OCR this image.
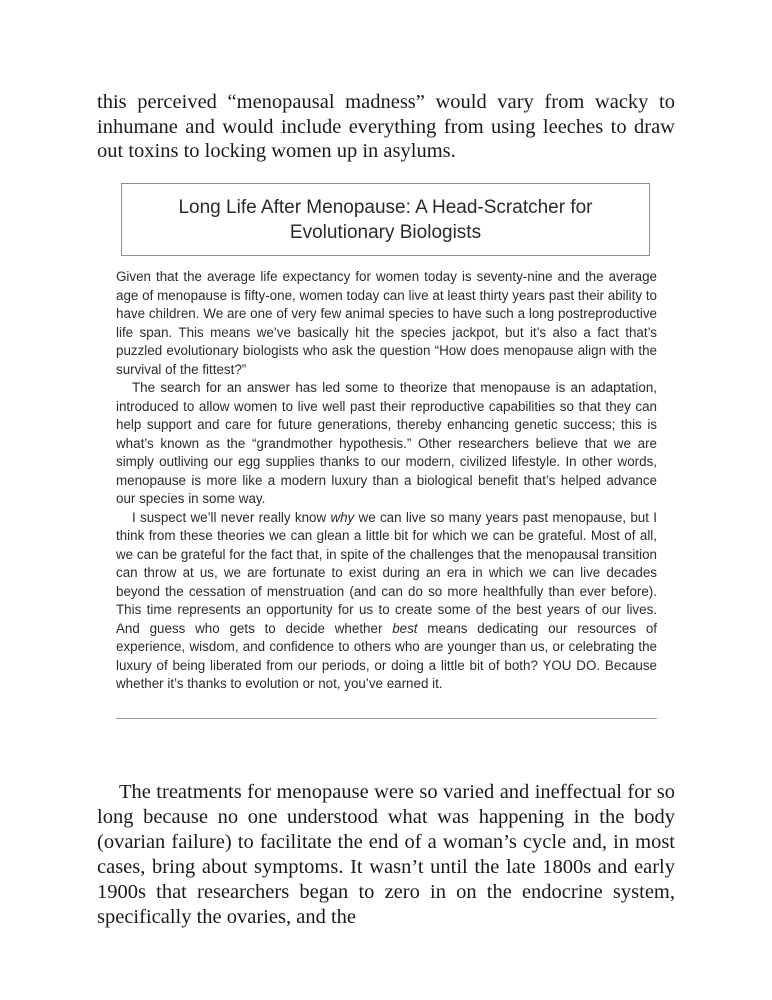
this perceived “menopausal madness” would vary from wacky to inhumane and would include everything from using leeches to draw out toxins to locking women up in asylums.

Long Life After Menopause: A Head-Scratcher for Evolutionary Biologists

Given that the average life expectancy for women today is seventy-nine and the average age of menopause is fifty-one, women today can live at least thirty years past their ability to have children. We are one of very few animal species to have such a long postreproductive life span. This means we’ve basically hit the species jackpot, but it’s also a fact that’s puzzled evolutionary biologists who ask the question “How does menopause align with the survival of the fittest?”

The search for an answer has led some to theorize that menopause is an adaptation, introduced to allow women to live well past their reproductive capabilities so that they can help support and care for future generations, thereby enhancing genetic success; this is what’s known as the “grandmother hypothesis.” Other researchers believe that we are simply outliving our egg supplies thanks to our modern, civilized lifestyle. In other words, menopause is more like a modern luxury than a biological benefit that’s helped advance our species in some way.

I suspect we’ll never really know why we can live so many years past menopause, but I think from these theories we can glean a little bit for which we can be grateful. Most of all, we can be grateful for the fact that, in spite of the challenges that the menopausal transition can throw at us, we are fortunate to exist during an era in which we can live decades beyond the cessation of menstruation (and can do so more healthfully than ever before). This time represents an opportunity for us to create some of the best years of our lives. And guess who gets to decide whether best means dedicating our resources of experience, wisdom, and confidence to others who are younger than us, or celebrating the luxury of being liberated from our periods, or doing a little bit of both? YOU DO. Because whether it’s thanks to evolution or not, you’ve earned it.

The treatments for menopause were so varied and ineffectual for so long because no one understood what was happening in the body (ovarian failure) to facilitate the end of a woman’s cycle and, in most cases, bring about symptoms. It wasn’t until the late 1800s and early 1900s that researchers began to zero in on the endocrine system, specifically the ovaries, and the
